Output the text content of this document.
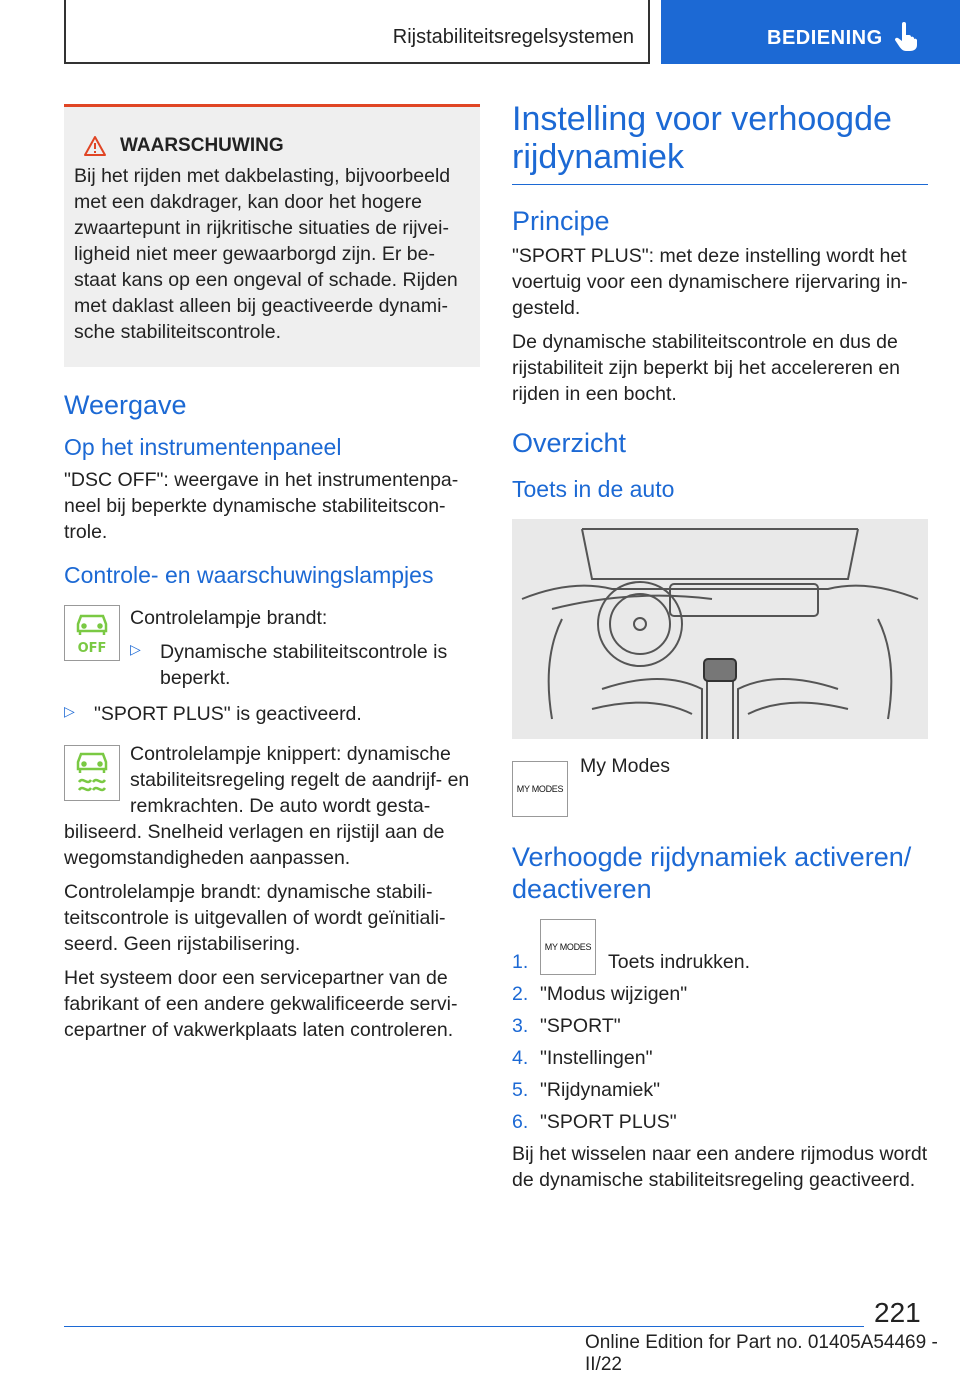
Rijstabiliteitsregelsystemen	BEDIENING
WAARSCHUWING

Bij het rijden met dakbelasting, bijvoorbeeld met een dakdrager, kan door het hogere zwaartepunt in rijkritische situaties de rijveiligheid niet meer gewaarborgd zijn. Er bestaat kans op een ongeval of schade. Rijden met daklast alleen bij geactiveerde dynamische stabiliteitscontrole.

Weergave
Op het instrumentenpaneel

"DSC OFF": weergave in het instrumentenpaneel bij beperkte dynamische stabiliteitscontrole.

Controle- en waarschuwingslampjes
OFF

Controlelampje brandt:

▷ Dynamische stabiliteitscontrole is beperkt.

▷ "SPORT PLUS" is geactiveerd.

Controlelampje knippert: dynamische stabiliteitsregeling regelt de aandrijf- en remkrachten. De auto wordt gestabiliseerd. Snelheid verlagen en rijstijl aan de wegomstandigheden aanpassen.

Controlelampje brandt: dynamische stabiliteitscontrole is uitgevallen of wordt geïnitialiseerd. Geen rijstabilisering.

Het systeem door een servicepartner van de fabrikant of een andere gekwalificeerde servicepartner of vakwerkplaats laten controleren.

Instelling voor verhoogde rijdynamiek
Principe

"SPORT PLUS": met deze instelling wordt het voertuig voor een dynamischere rijervaring ingesteld.

De dynamische stabiliteitscontrole en dus de rijstabiliteit zijn beperkt bij het accelereren en rijden in een bocht.

Overzicht
Toets in de auto
MY MODES

My Modes

Verhoogde rijdynamiek activeren/ deactiveren
1.
MY MODES
Toets indrukken.
2. "Modus wijzigen"
3. "SPORT"
4. "Instellingen"
5. "Rijdynamiek"
6. "SPORT PLUS"

Bij het wisselen naar een andere rijmodus wordt de dynamische stabiliteitsregeling geactiveerd.

221
Online Edition for Part no. 01405A54469 - II/22
